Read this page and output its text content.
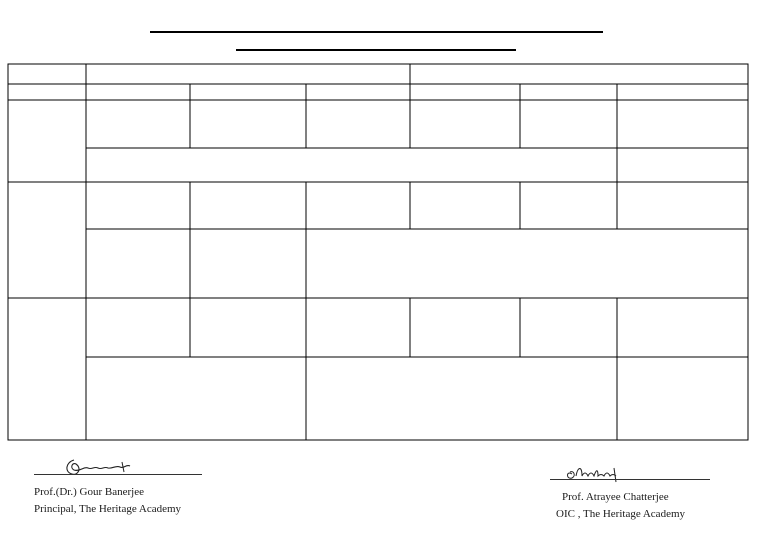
Prof.(Dr.) Gour Banerjee
Principal, The Heritage Academy
Prof. Atrayee Chatterjee
OIC , The Heritage Academy
